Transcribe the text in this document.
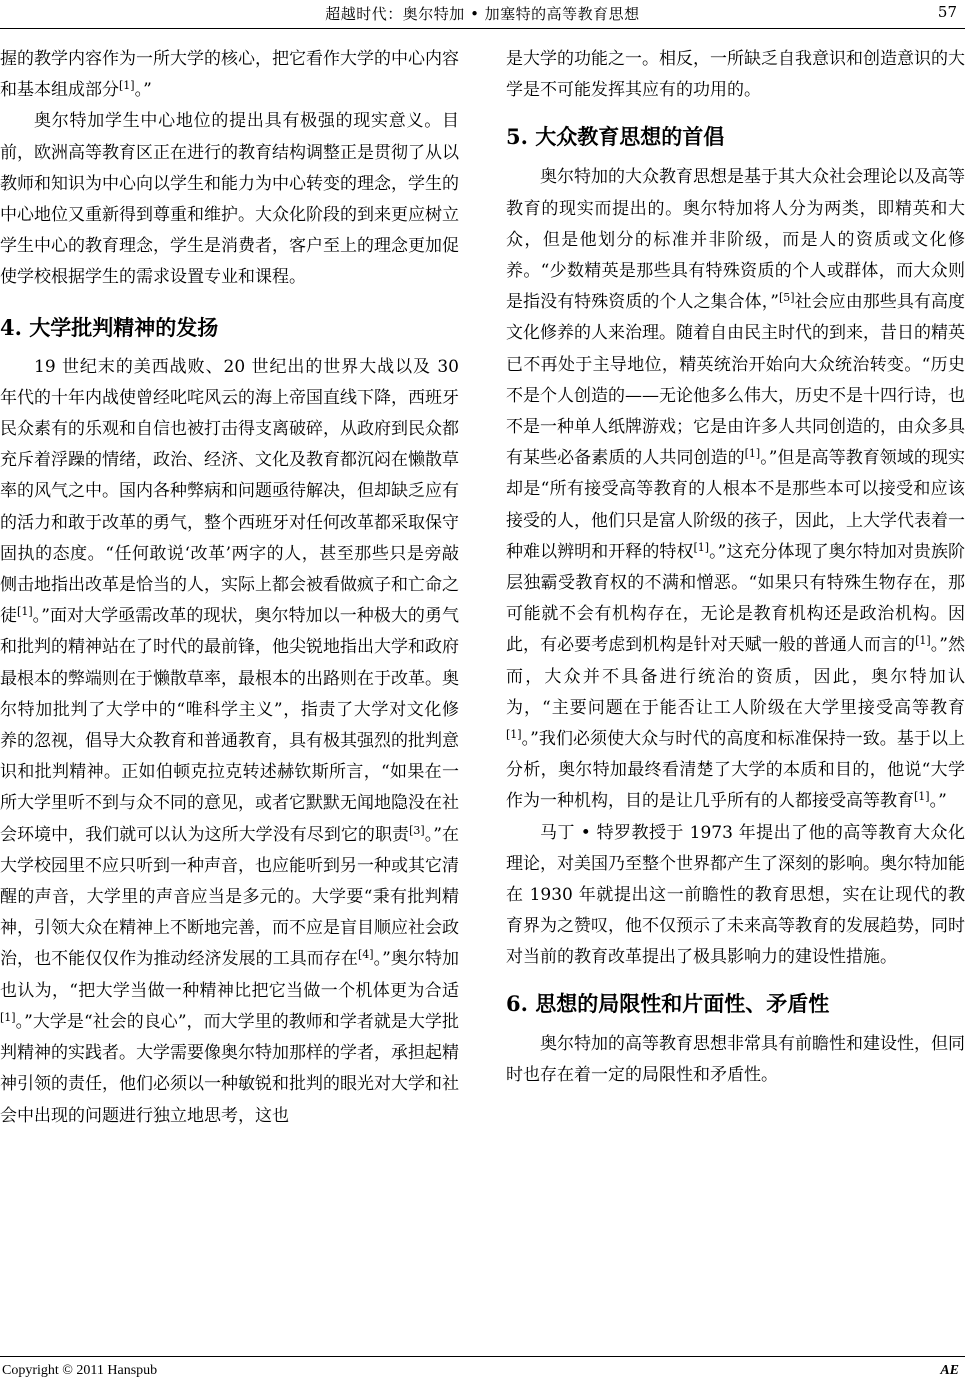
超越时代：奥尔特加 • 加塞特的高等教育思想	57

握的教学内容作为一所大学的核心，把它看作大学的中心内容和基本组成部分[1]。”

奥尔特加学生中心地位的提出具有极强的现实意义。目前，欧洲高等教育区正在进行的教育结构调整正是贯彻了从以教师和知识为中心向以学生和能力为中心转变的理念，学生的中心地位又重新得到尊重和维护。大众化阶段的到来更应树立学生中心的教育理念，学生是消费者，客户至上的理念更加促使学校根据学生的需求设置专业和课程。

4. 大学批判精神的发扬

19 世纪末的美西战败、20 世纪出的世界大战以及 30 年代的十年内战使曾经叱咤风云的海上帝国直线下降，西班牙民众素有的乐观和自信也被打击得支离破碎，从政府到民众都充斥着浮躁的情绪，政治、经济、文化及教育都沉闷在懒散草率的风气之中。国内各种弊病和问题亟待解决，但却缺乏应有的活力和敢于改革的勇气，整个西班牙对任何改革都采取保守固执的态度。“任何敢说‘改革’两字的人，甚至那些只是旁敲侧击地指出改革是恰当的人，实际上都会被看做疯子和亡命之徒[1]。”面对大学亟需改革的现状，奥尔特加以一种极大的勇气和批判的精神站在了时代的最前锋，他尖锐地指出大学和政府最根本的弊端则在于懒散草率，最根本的出路则在于改革。奥尔特加批判了大学中的“唯科学主义”，指责了大学对文化修养的忽视，倡导大众教育和普通教育，具有极其强烈的批判意识和批判精神。正如伯顿克拉克转述赫钦斯所言，“如果在一所大学里听不到与众不同的意见，或者它默默无闻地隐没在社会环境中，我们就可以认为这所大学没有尽到它的职责[3]。”在大学校园里不应只听到一种声音，也应能听到另一种或其它清醒的声音，大学里的声音应当是多元的。大学要“秉有批判精神，引领大众在精神上不断地完善，而不应是盲目顺应社会政治，也不能仅仅作为推动经济发展的工具而存在[4]。”奥尔特加也认为，“把大学当做一种精神比把它当做一个机体更为合适[1]。”大学是“社会的良心”，而大学里的教师和学者就是大学批判精神的实践者。大学需要像奥尔特加那样的学者，承担起精神引领的责任，他们必须以一种敏锐和批判的眼光对大学和社会中出现的问题进行独立地思考，这也

是大学的功能之一。相反，一所缺乏自我意识和创造意识的大学是不可能发挥其应有的功用的。

5. 大众教育思想的首倡

奥尔特加的大众教育思想是基于其大众社会理论以及高等教育的现实而提出的。奥尔特加将人分为两类，即精英和大众，但是他划分的标准并非阶级，而是人的资质或文化修养。“少数精英是那些具有特殊资质的个人或群体，而大众则是指没有特殊资质的个人之集合体，”[5]社会应由那些具有高度文化修养的人来治理。随着自由民主时代的到来，昔日的精英已不再处于主导地位，精英统治开始向大众统治转变。“历史不是个人创造的——无论他多么伟大，历史不是十四行诗，也不是一种单人纸牌游戏；它是由许多人共同创造的，由众多具有某些必备素质的人共同创造的[1]。”但是高等教育领域的现实却是“所有接受高等教育的人根本不是那些本可以接受和应该接受的人，他们只是富人阶级的孩子，因此，上大学代表着一种难以辨明和开释的特权[1]。”这充分体现了奥尔特加对贵族阶层独霸受教育权的不满和憎恶。“如果只有特殊生物存在，那可能就不会有机构存在，无论是教育机构还是政治机构。因此，有必要考虑到机构是针对天赋一般的普通人而言的[1]。”然而，大众并不具备进行统治的资质，因此，奥尔特加认为，“主要问题在于能否让工人阶级在大学里接受高等教育[1]。”我们必须使大众与时代的高度和标准保持一致。基于以上分析，奥尔特加最终看清楚了大学的本质和目的，他说“大学作为一种机构，目的是让几乎所有的人都接受高等教育[1]。”

马丁 • 特罗教授于 1973 年提出了他的高等教育大众化理论，对美国乃至整个世界都产生了深刻的影响。奥尔特加能在 1930 年就提出这一前瞻性的教育思想，实在让现代的教育界为之赞叹，他不仅预示了未来高等教育的发展趋势，同时对当前的教育改革提出了极具影响力的建设性措施。

6. 思想的局限性和片面性、矛盾性

奥尔特加的高等教育思想非常具有前瞻性和建设性，但同时也存在着一定的局限性和矛盾性。

Copyright © 2011 Hanspub	AE
